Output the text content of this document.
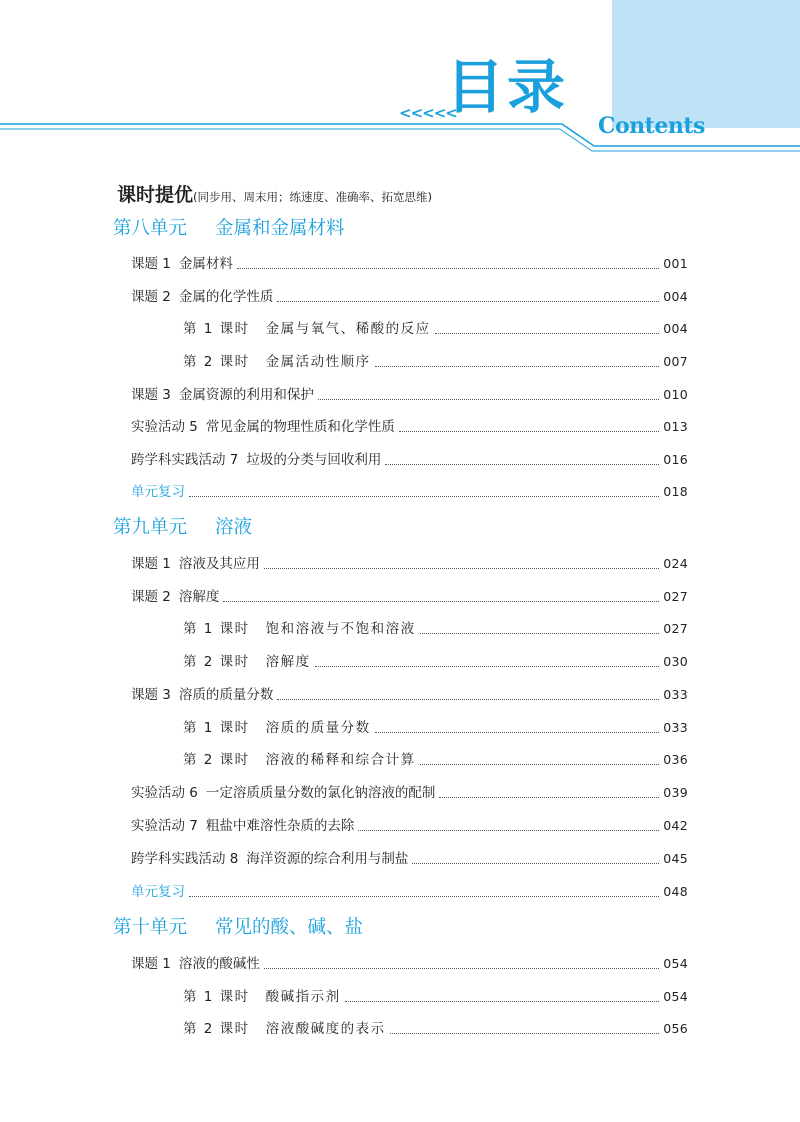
<<<<<
目录
Contents
课时提优(同步用、周末用；练速度、准确率、拓宽思维)
第八单元 金属和金属材料
课题 1 金属材料	001
课题 2 金属的化学性质	004
第 1 课时 金属与氧气、稀酸的反应	004
第 2 课时 金属活动性顺序	007
课题 3 金属资源的利用和保护	010
实验活动 5 常见金属的物理性质和化学性质	013
跨学科实践活动 7 垃圾的分类与回收利用	016
单元复习	018
第九单元 溶液
课题 1 溶液及其应用	024
课题 2 溶解度	027
第 1 课时 饱和溶液与不饱和溶液	027
第 2 课时 溶解度	030
课题 3 溶质的质量分数	033
第 1 课时 溶质的质量分数	033
第 2 课时 溶液的稀释和综合计算	036
实验活动 6 一定溶质质量分数的氯化钠溶液的配制	039
实验活动 7 粗盐中难溶性杂质的去除	042
跨学科实践活动 8 海洋资源的综合利用与制盐	045
单元复习	048
第十单元 常见的酸、碱、盐
课题 1 溶液的酸碱性	054
第 1 课时 酸碱指示剂	054
第 2 课时 溶液酸碱度的表示	056
